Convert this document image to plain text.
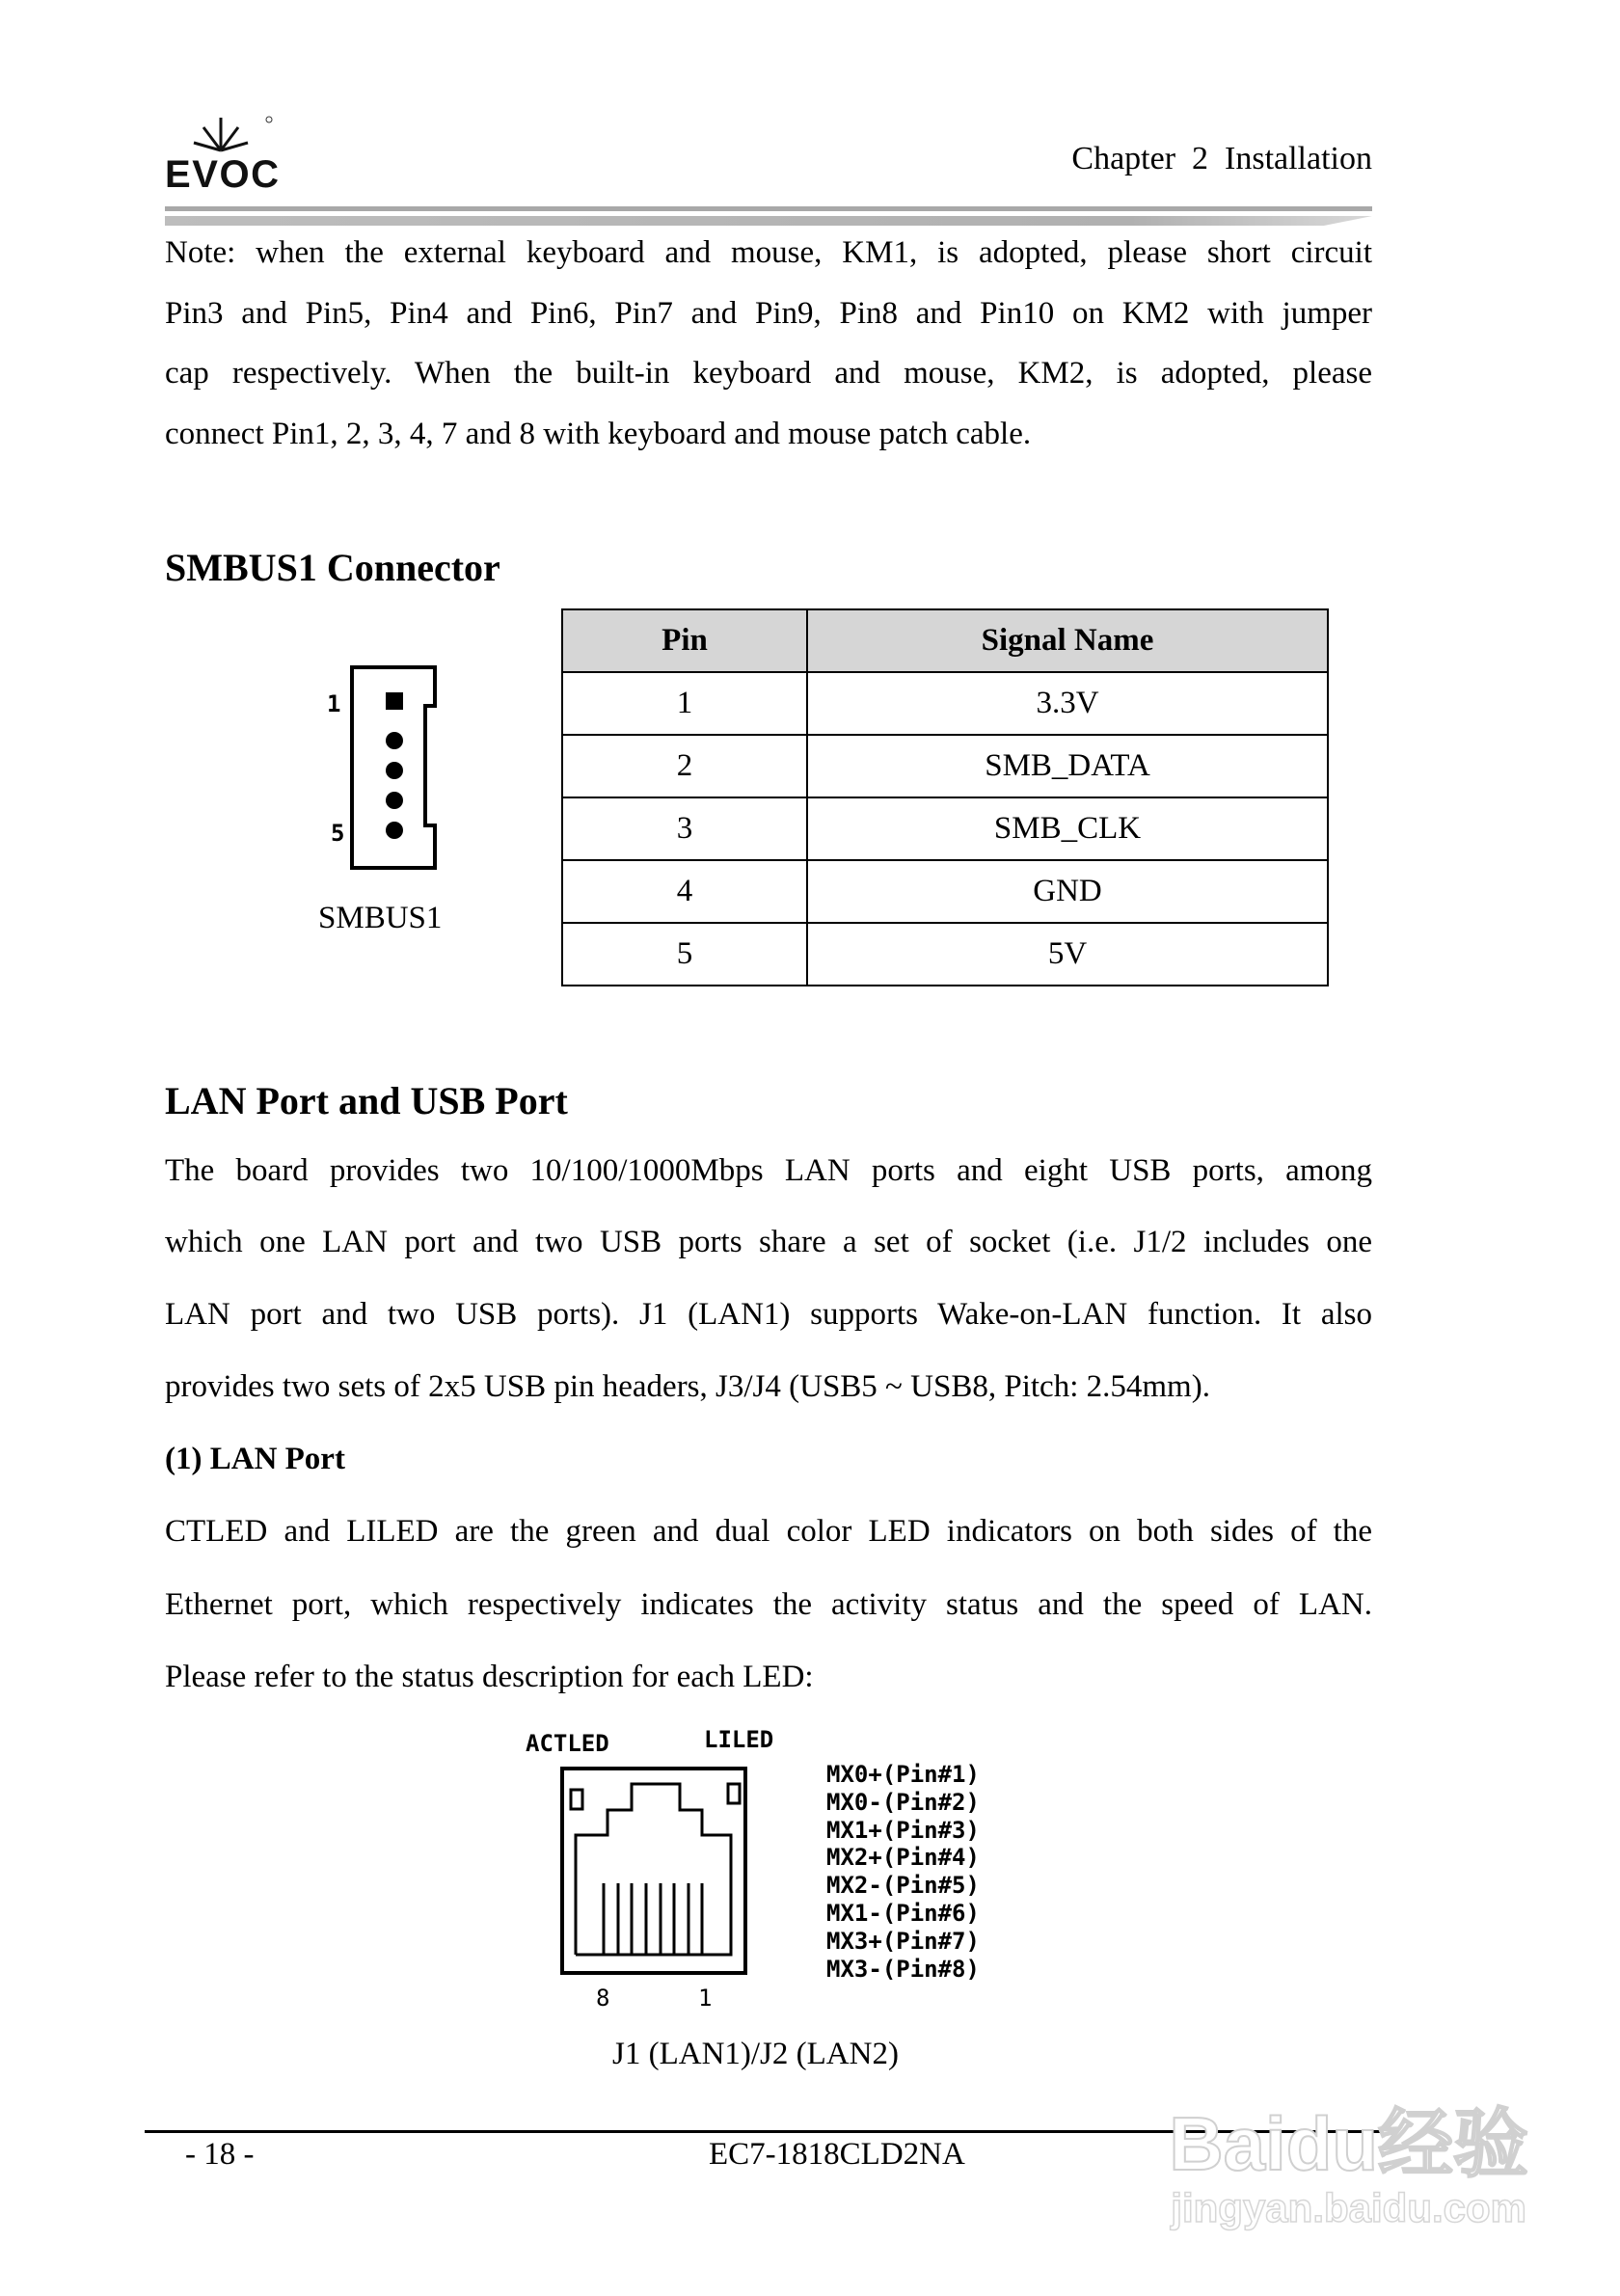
EVOC	Chapter  2  Installation
Note: when the external keyboard and mouse, KM1, is adopted, please short circuit
Pin3 and Pin5, Pin4 and Pin6, Pin7 and Pin9, Pin8 and Pin10 on KM2 with jumper
cap respectively. When the built-in keyboard and mouse, KM2, is adopted, please
connect Pin1, 2, 3, 4, 7 and 8 with keyboard and mouse patch cable.
SMBUS1 Connector
1
5
SMBUS1
Pin	Signal Name
1	3.3V
2	SMB_DATA
3	SMB_CLK
4	GND
5	5V
LAN Port and USB Port
The board provides two 10/100/1000Mbps LAN ports and eight USB ports, among
which one LAN port and two USB ports share a set of socket (i.e. J1/2 includes one
LAN port and two USB ports). J1 (LAN1) supports Wake-on-LAN function. It also
provides two sets of 2x5 USB pin headers, J3/J4 (USB5 ~ USB8, Pitch: 2.54mm).
(1) LAN Port
CTLED and LILED are the green and dual color LED indicators on both sides of the
Ethernet port, which respectively indicates the activity status and the speed of LAN.
Please refer to the status description for each LED:
ACTLED	LILED
8	1
MX0+(Pin#1)
MX0-(Pin#2)
MX1+(Pin#3)
MX2+(Pin#4)
MX2-(Pin#5)
MX1-(Pin#6)
MX3+(Pin#7)
MX3-(Pin#8)
J1 (LAN1)/J2 (LAN2)
- 18 -	EC7-1818CLD2NA	Baidu经验
jingyan.baidu.com
